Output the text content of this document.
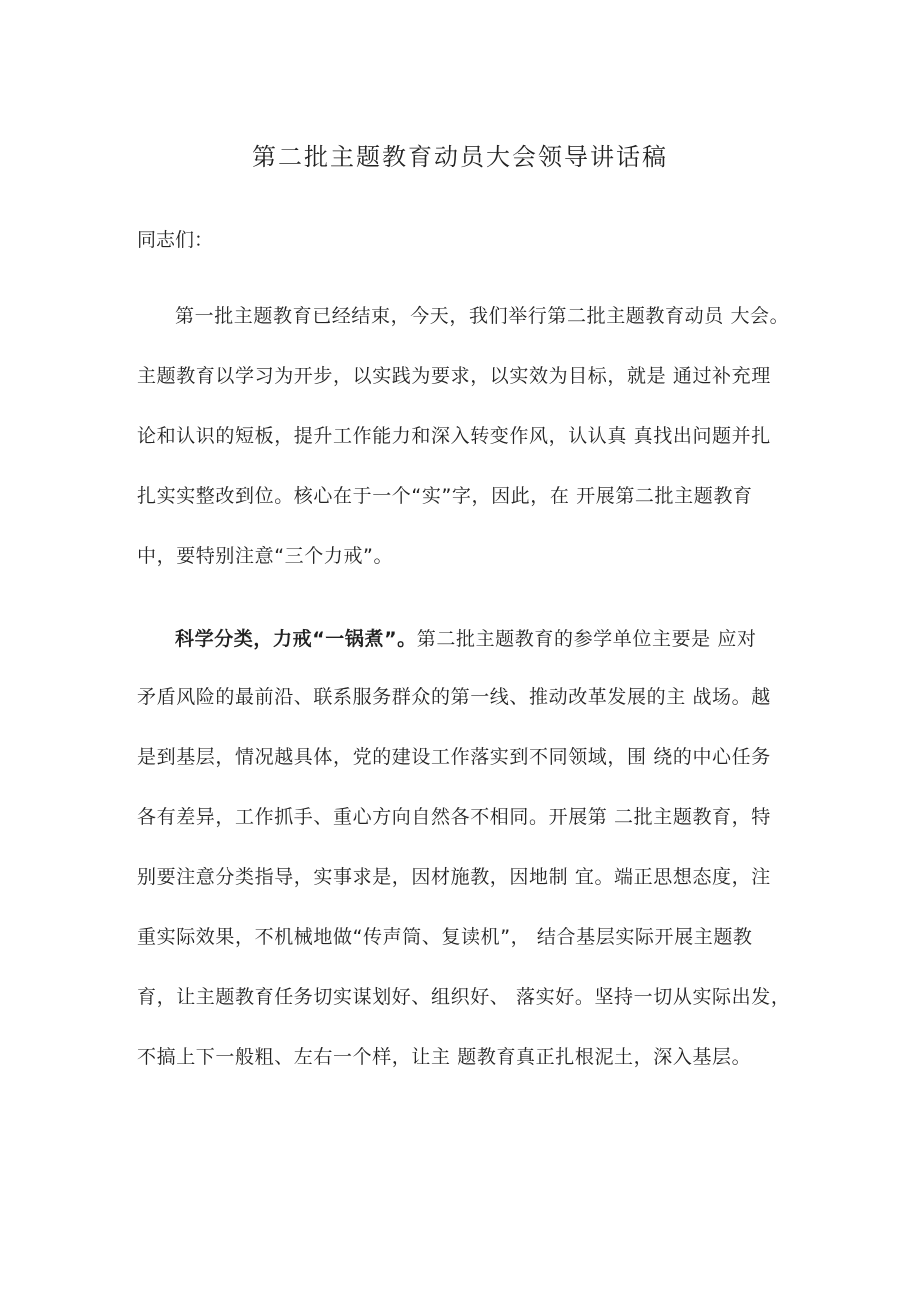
第二批主题教育动员大会领导讲话稿
同志们：
第一批主题教育已经结束，今天，我们举行第二批主题教育动员 大会。
主题教育以学习为开步，以实践为要求，以实效为目标，就是 通过补充理
论和认识的短板，提升工作能力和深入转变作风，认认真 真找出问题并扎
扎实实整改到位。核心在于一个“实”字，因此，在 开展第二批主题教育
中，要特别注意“三个力戒”。
科学分类，力戒“一锅煮”。第二批主题教育的参学单位主要是 应对
矛盾风险的最前沿、联系服务群众的第一线、推动改革发展的主 战场。越
是到基层，情况越具体，党的建设工作落实到不同领域，围 绕的中心任务
各有差异，工作抓手、重心方向自然各不相同。开展第 二批主题教育，特
别要注意分类指导，实事求是，因材施教，因地制 宜。端正思想态度，注
重实际效果，不机械地做“传声筒、复读机”， 结合基层实际开展主题教
育，让主题教育任务切实谋划好、组织好、 落实好。坚持一切从实际出发，
不搞上下一般粗、左右一个样，让主 题教育真正扎根泥土，深入基层。
